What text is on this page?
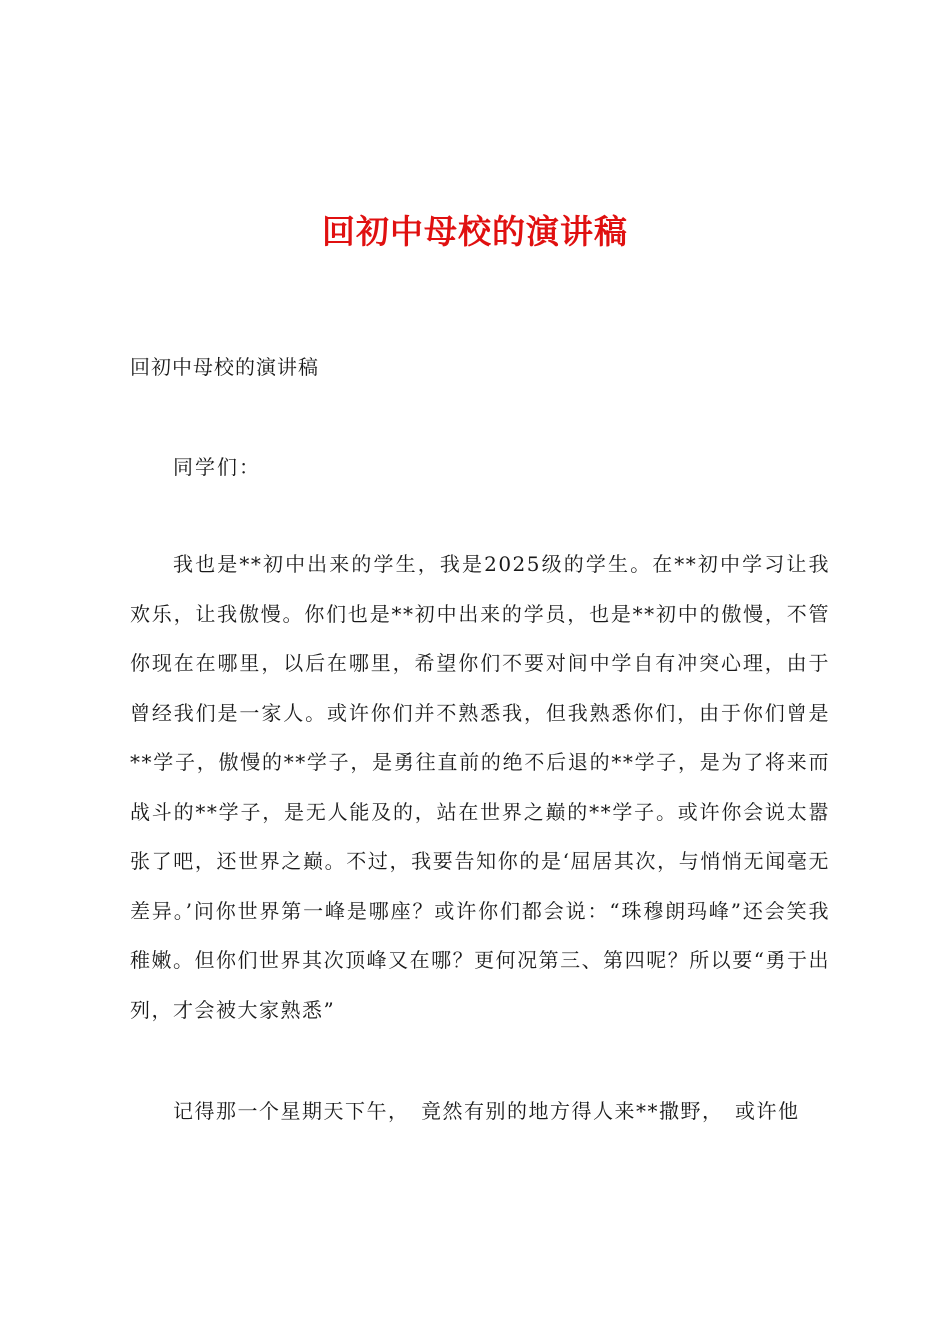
回初中母校的演讲稿
回初中母校的演讲稿
同学们：

我也是**初中出来的学生，我是2025级的学生。在**初中学习让我欢乐，让我傲慢。你们也是**初中出来的学员，也是**初中的傲慢，不管你现在在哪里，以后在哪里，希望你们不要对间中学自有冲突心理，由于曾经我们是一家人。或许你们并不熟悉我，但我熟悉你们，由于你们曾是**学子，傲慢的**学子，是勇往直前的绝不后退的**学子，是为了将来而战斗的**学子，是无人能及的，站在世界之巅的**学子。或许你会说太嚣张了吧，还世界之巅。不过，我要告知你的是‘屈居其次，与悄悄无闻毫无差异。’问你世界第一峰是哪座？或许你们都会说：“珠穆朗玛峰”还会笑我稚嫩。但你们世界其次顶峰又在哪？更何况第三、第四呢？所以要“勇于出列，才会被大家熟悉”

记得那一个星期天下午，　竟然有别的地方得人来**撒野，　或许他
